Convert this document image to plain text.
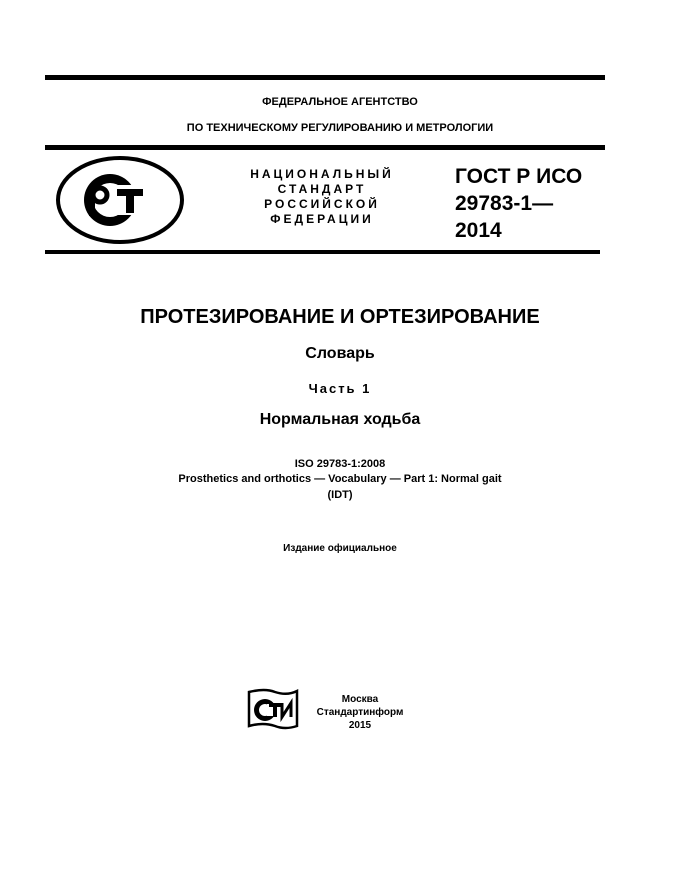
ФЕДЕРАЛЬНОЕ АГЕНТСТВО
ПО ТЕХНИЧЕСКОМУ РЕГУЛИРОВАНИЮ И МЕТРОЛОГИИ
НАЦИОНАЛЬНЫЙ
СТАНДАРТ
РОССИЙСКОЙ
ФЕДЕРАЦИИ
ГОСТ Р ИСО
29783-1—
2014
ПРОТЕЗИРОВАНИЕ И ОРТЕЗИРОВАНИЕ
Словарь
Часть 1
Нормальная ходьба
ISO 29783-1:2008
Prosthetics and orthotics — Vocabulary — Part 1: Normal gait
(IDT)
Издание официальное
Москва
Стандартинформ
2015
